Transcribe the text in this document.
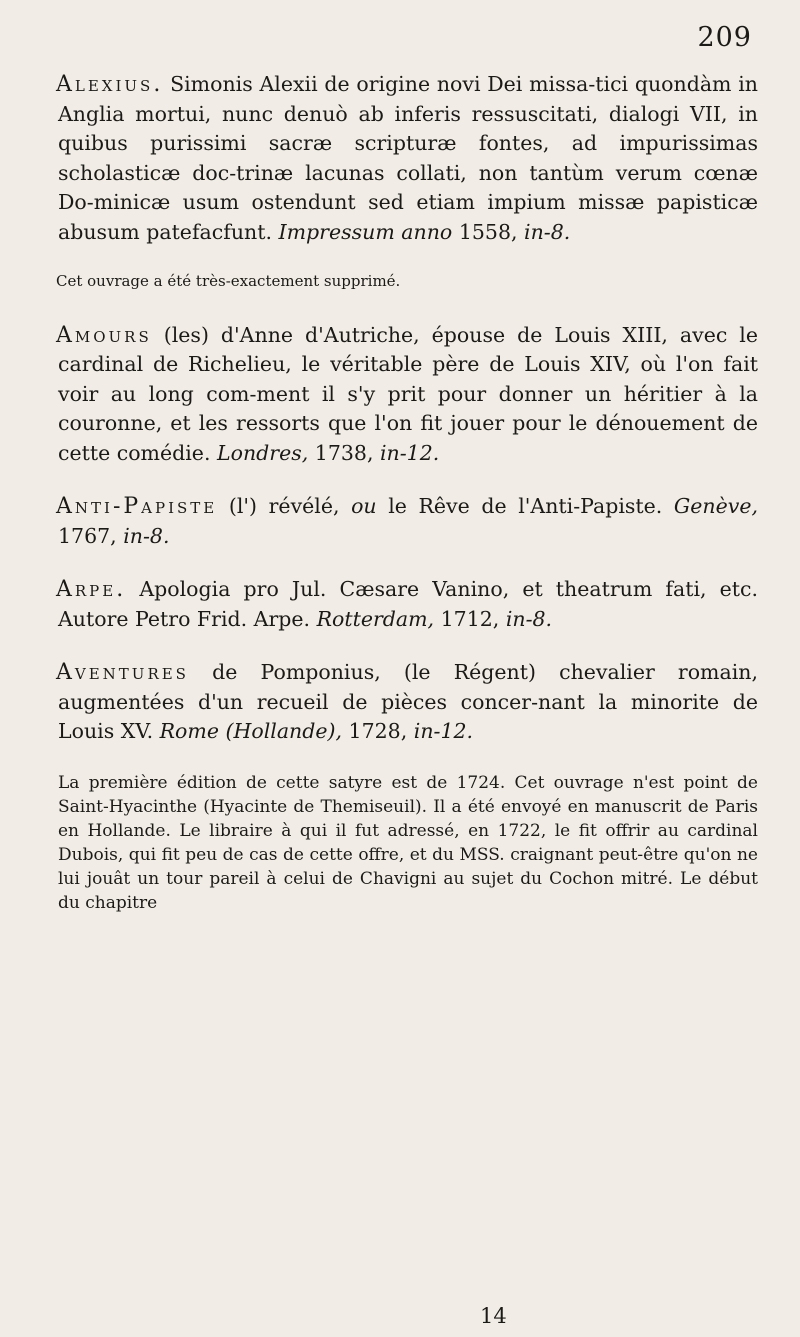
209

Alexius. Simonis Alexii de origine novi Dei missa-tici quondàm in Anglia mortui, nunc denuò ab inferis ressuscitati, dialogi VII, in quibus purissimi sacræ scripturæ fontes, ad impurissimas scholasticæ doc-trinæ lacunas collati, non tantùm verum cœnæ Do-minicæ usum ostendunt sed etiam impium missæ papisticæ abusum patefacfunt. Impressum anno 1558, in-8.

Cet ouvrage a été très-exactement supprimé.

Amours (les) d'Anne d'Autriche, épouse de Louis XIII, avec le cardinal de Richelieu, le véritable père de Louis XIV, où l'on fait voir au long com-ment il s'y prit pour donner un héritier à la couronne, et les ressorts que l'on fit jouer pour le dénouement de cette comédie. Londres, 1738, in-12.

Anti-Papiste (l') révélé, ou le Rêve de l'Anti-Papiste. Genève, 1767, in-8.

Arpe. Apologia pro Jul. Cæsare Vanino, et theatrum fati, etc. Autore Petro Frid. Arpe. Rotterdam, 1712, in-8.

Aventures de Pomponius, (le Régent) chevalier romain, augmentées d'un recueil de pièces concer-nant la minorite de Louis XV. Rome (Hollande), 1728, in-12.

La première édition de cette satyre est de 1724. Cet ouvrage n'est point de Saint-Hyacinthe (Hyacinte de Themiseuil). Il a été envoyé en manuscrit de Paris en Hollande. Le libraire à qui il fut adressé, en 1722, le fit offrir au cardinal Dubois, qui fit peu de cas de cette offre, et du MSS. craignant peut-être qu'on ne lui jouât un tour pareil à celui de Chavigni au sujet du Cochon mitré. Le début du chapitre

14
